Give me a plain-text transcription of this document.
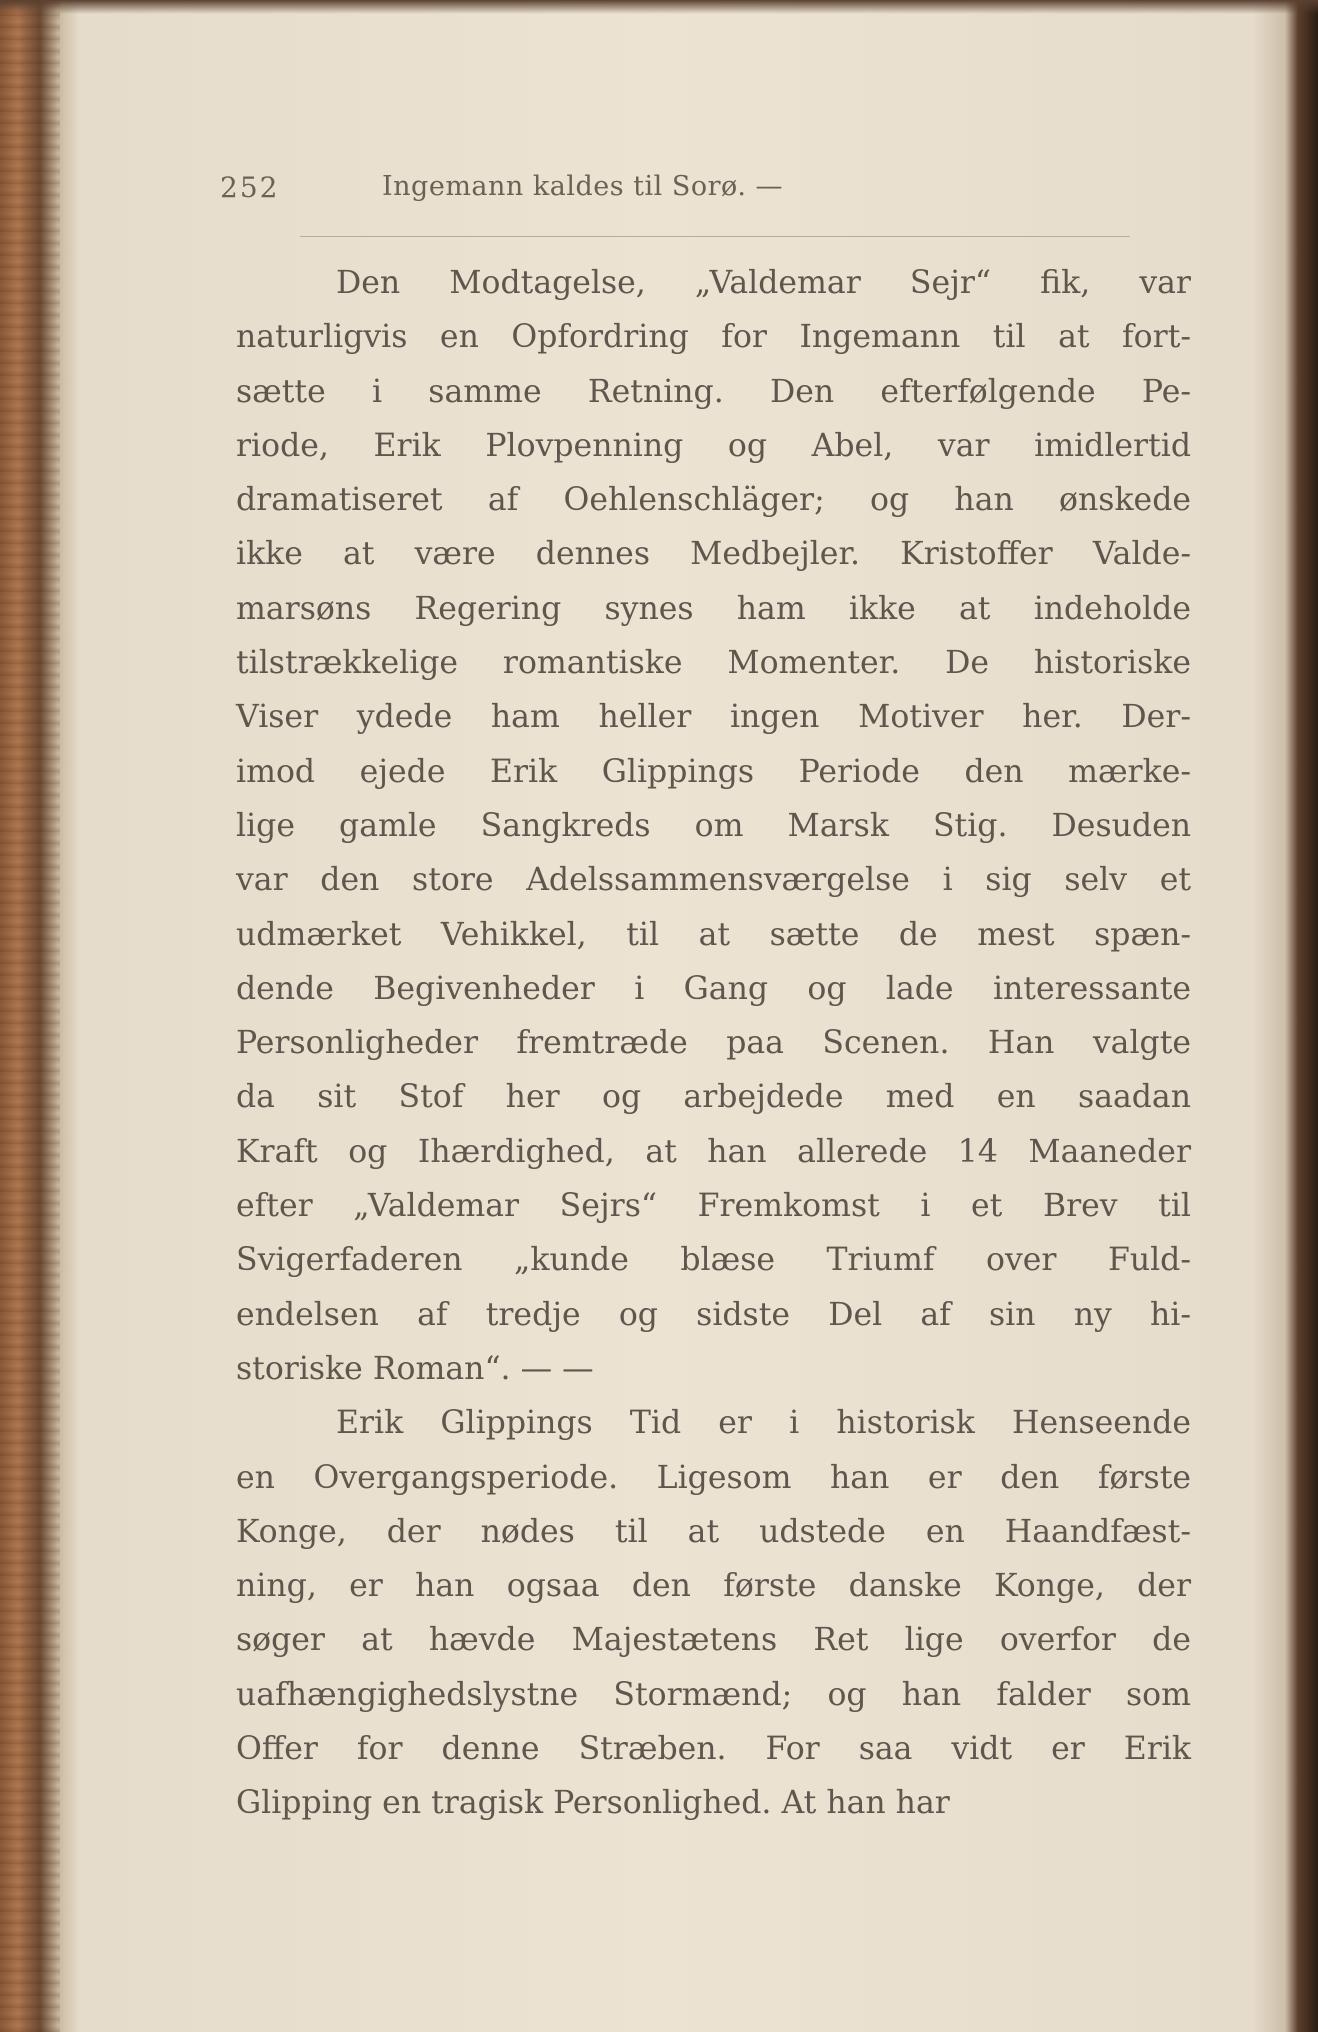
252	Ingemann kaldes til Sorø. —

Den Modtagelse, „Valdemar Sejr“ fik, var
naturligvis en Opfordring for Ingemann til at fort-
sætte i samme Retning. Den efterfølgende Pe-
riode, Erik Plovpenning og Abel, var imidlertid
dramatiseret af Oehlenschläger; og han ønskede
ikke at være dennes Medbejler. Kristoffer Valde-
marsøns Regering synes ham ikke at indeholde
tilstrækkelige romantiske Momenter. De historiske
Viser ydede ham heller ingen Motiver her. Der-
imod ejede Erik Glippings Periode den mærke-
lige gamle Sangkreds om Marsk Stig. Desuden
var den store Adelssammensværgelse i sig selv et
udmærket Vehikkel, til at sætte de mest spæn-
dende Begivenheder i Gang og lade interessante
Personligheder fremtræde paa Scenen. Han valgte
da sit Stof her og arbejdede med en saadan
Kraft og Ihærdighed, at han allerede 14 Maaneder
efter „Valdemar Sejrs“ Fremkomst i et Brev til
Svigerfaderen „kunde blæse Triumf over Fuld-
endelsen af tredje og sidste Del af sin ny hi-
storiske Roman“. — —

Erik Glippings Tid er i historisk Henseende
en Overgangsperiode. Ligesom han er den første
Konge, der nødes til at udstede en Haandfæst-
ning, er han ogsaa den første danske Konge, der
søger at hævde Majestætens Ret lige overfor de
uafhængighedslystne Stormænd; og han falder som
Offer for denne Stræben. For saa vidt er Erik
Glipping en tragisk Personlighed. At han har
